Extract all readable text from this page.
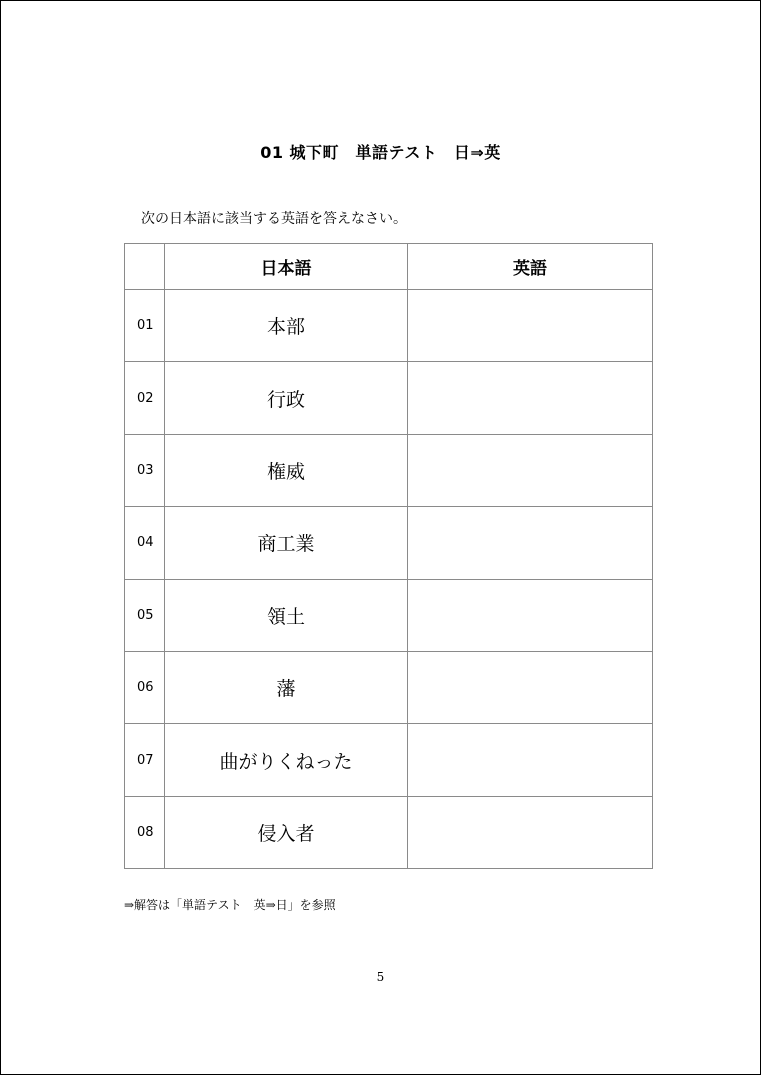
01 城下町　単語テスト　日⇒英
次の日本語に該当する英語を答えなさい。
	日本語	英語
01	本部	
02	行政	
03	権威	
04	商工業	
05	領土	
06	藩	
07	曲がりくねった	
08	侵入者	
⇒解答は「単語テスト　英⇒日」を参照
5
